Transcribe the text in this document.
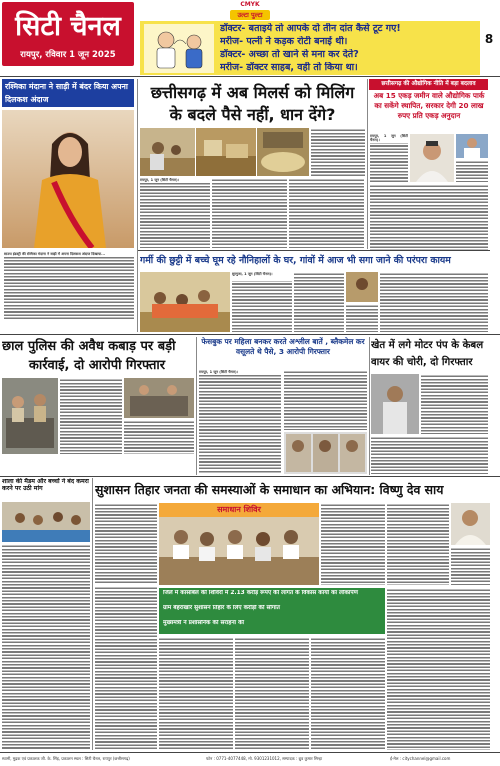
सिटी चैनल
रायपुर, रविवार 1 जून 2025
CMYK
8
उल्टा पुल्टा
डॉक्टर- बताइये तो आपके दो तीन दांत कैसे टूट गए!
मरीज- पत्नी ने कड़क रोटी बनाई थी।
डॉक्टर- अच्छा तो खाने से मना कर देते?
मरीज- डॉक्टर साहब, वही तो किया था।
रश्मिका मंदाना ने साड़ी में बंदर किया अपना दिलकश अंदाज
साउथ इंडस्ट्री की रश्मिका मंदाना ने साड़ी में अपना दिलकश अंदाज दिखाया...
छत्तीसगढ़ में अब मिलर्स को मिलिंग
के बदले पैसे नहीं, धान देंगे?
रायपुर, 1 जून (सिटी चैनल)।
छत्तीसगढ़ की औद्योगिक नीति में बड़ा बदलाव
अब 15 एकड़ जमीन वाले औद्योगिक पार्क का सकेंगे स्थापित, सरकार देगी 20 लाख रुपए प्रति एकड़ अनुदान
रायपुर, 1 जून (सिटी चैनल)।
गर्मी की छुट्टी में बच्चे घूम रहे नौनिहालों के घर, गांवों में आज भी सगा जाने की परंपरा कायम
सुरगुजा, 1 जून (सिटी चैनल)।
छाल पुलिस की अवैध कबाड़ पर बड़ी
कार्रवाई, दो आरोपी गिरफ्तार
फेसबुक पर महिला बनकर करते अश्लील बातें , ब्लैकमेल कर वसूलते थे पैसे, 3 आरोपी गिरफ्तार
रायपुर, 1 जून (सिटी चैनल)।
खेत में लगे मोटर पंप के केबल
वायर की चोरी, दो गिरफ्तार
शाला की मैडम और बच्चों ने बंद कमरा करने पर उठी मांग	सुशासन तिहार जनता की समस्याओं के समाधान का अभियान: विष्णु देव साय
समाधान शिविर
जिले में कांसाबेल की शिविरों में 2.13 करोड़ रूपए की लागत के विकास कार्यों का लोकार्पण
ग्राम बेहराखार सुशासन तिहार के लिए करोड़ों की सौगात
मुख्यमंत्री ने प्रशासनिक की सराहना की
स्वामी, मुद्रक एवं प्रकाशक जी. के. सिंह, प्रकाशन स्थल : सिटी चैनल, रायपुर (छत्तीसगढ़)	फोन : 0771-4077448, मो. 9301231012, सम्पादक : ध्रुव कुमार सिन्हा	ई-मेल : citychannel@gmail.com
